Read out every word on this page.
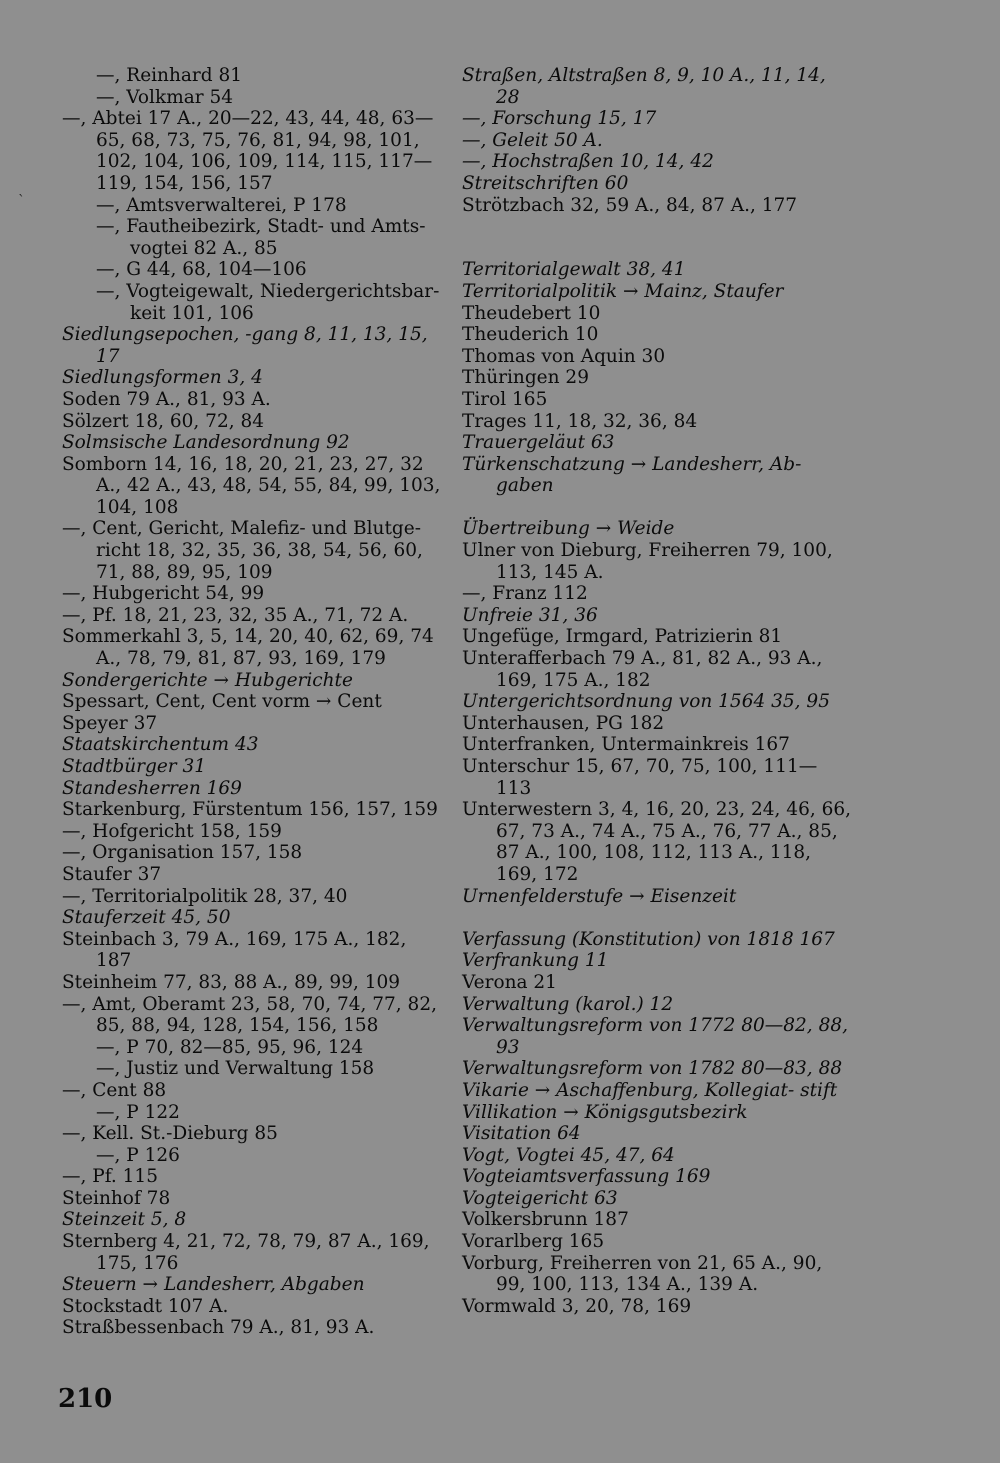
`
—, Reinhard 81
—, Volkmar 54
—, Abtei 17 A., 20—22, 43, 44, 48, 63— 65, 68, 73, 75, 76, 81, 94, 98, 101, 102, 104, 106, 109, 114, 115, 117— 119, 154, 156, 157
—, Amtsverwalterei, P 178
—, Fautheibezirk, Stadt- und Amts- vogtei 82 A., 85
—, G 44, 68, 104—106
—, Vogteigewalt, Niedergerichtsbar- keit 101, 106
Siedlungsepochen, -gang 8, 11, 13, 15, 17
Siedlungsformen 3, 4
Soden 79 A., 81, 93 A.
Sölzert 18, 60, 72, 84
Solmsische Landesordnung 92
Somborn 14, 16, 18, 20, 21, 23, 27, 32 A., 42 A., 43, 48, 54, 55, 84, 99, 103, 104, 108
—, Cent, Gericht, Malefiz- und Blutge- richt 18, 32, 35, 36, 38, 54, 56, 60, 71, 88, 89, 95, 109
—, Hubgericht 54, 99
—, Pf. 18, 21, 23, 32, 35 A., 71, 72 A.
Sommerkahl 3, 5, 14, 20, 40, 62, 69, 74 A., 78, 79, 81, 87, 93, 169, 179
Sondergerichte → Hubgerichte
Spessart, Cent, Cent vorm → Cent
Speyer 37
Staatskirchentum 43
Stadtbürger 31
Standesherren 169
Starkenburg, Fürstentum 156, 157, 159
—, Hofgericht 158, 159
—, Organisation 157, 158
Staufer 37
—, Territorialpolitik 28, 37, 40
Stauferzeit 45, 50
Steinbach 3, 79 A., 169, 175 A., 182, 187
Steinheim 77, 83, 88 A., 89, 99, 109
—, Amt, Oberamt 23, 58, 70, 74, 77, 82, 85, 88, 94, 128, 154, 156, 158
—, P 70, 82—85, 95, 96, 124
—, Justiz und Verwaltung 158
—, Cent 88
—, P 122
—, Kell. St.-Dieburg 85
—, P 126
—, Pf. 115
Steinhof 78
Steinzeit 5, 8
Sternberg 4, 21, 72, 78, 79, 87 A., 169, 175, 176
Steuern → Landesherr, Abgaben
Stockstadt 107 A.
Straßbessenbach 79 A., 81, 93 A.
Straßen, Altstraßen 8, 9, 10 A., 11, 14, 28
—, Forschung 15, 17
—, Geleit 50 A.
—, Hochstraßen 10, 14, 42
Streitschriften 60
Strötzbach 32, 59 A., 84, 87 A., 177
Territorialgewalt 38, 41
Territorialpolitik → Mainz, Staufer
Theudebert 10
Theuderich 10
Thomas von Aquin 30
Thüringen 29
Tirol 165
Trages 11, 18, 32, 36, 84
Trauergeläut 63
Türkenschatzung → Landesherr, Ab- gaben
Übertreibung → Weide
Ulner von Dieburg, Freiherren 79, 100, 113, 145 A.
—, Franz 112
Unfreie 31, 36
Ungefüge, Irmgard, Patrizierin 81
Unterafferbach 79 A., 81, 82 A., 93 A., 169, 175 A., 182
Untergerichtsordnung von 1564 35, 95
Unterhausen, PG 182
Unterfranken, Untermainkreis 167
Unterschur 15, 67, 70, 75, 100, 111— 113
Unterwestern 3, 4, 16, 20, 23, 24, 46, 66, 67, 73 A., 74 A., 75 A., 76, 77 A., 85, 87 A., 100, 108, 112, 113 A., 118, 169, 172
Urnenfelderstufe → Eisenzeit
Verfassung (Konstitution) von 1818 167
Verfrankung 11
Verona 21
Verwaltung (karol.) 12
Verwaltungsreform von 1772 80—82, 88, 93
Verwaltungsreform von 1782 80—83, 88
Vikarie → Aschaffenburg, Kollegiat- stift
Villikation → Königsgutsbezirk
Visitation 64
Vogt, Vogtei 45, 47, 64
Vogteiamtsverfassung 169
Vogteigericht 63
Volkersbrunn 187
Vorarlberg 165
Vorburg, Freiherren von 21, 65 A., 90, 99, 100, 113, 134 A., 139 A.
Vormwald 3, 20, 78, 169
210
